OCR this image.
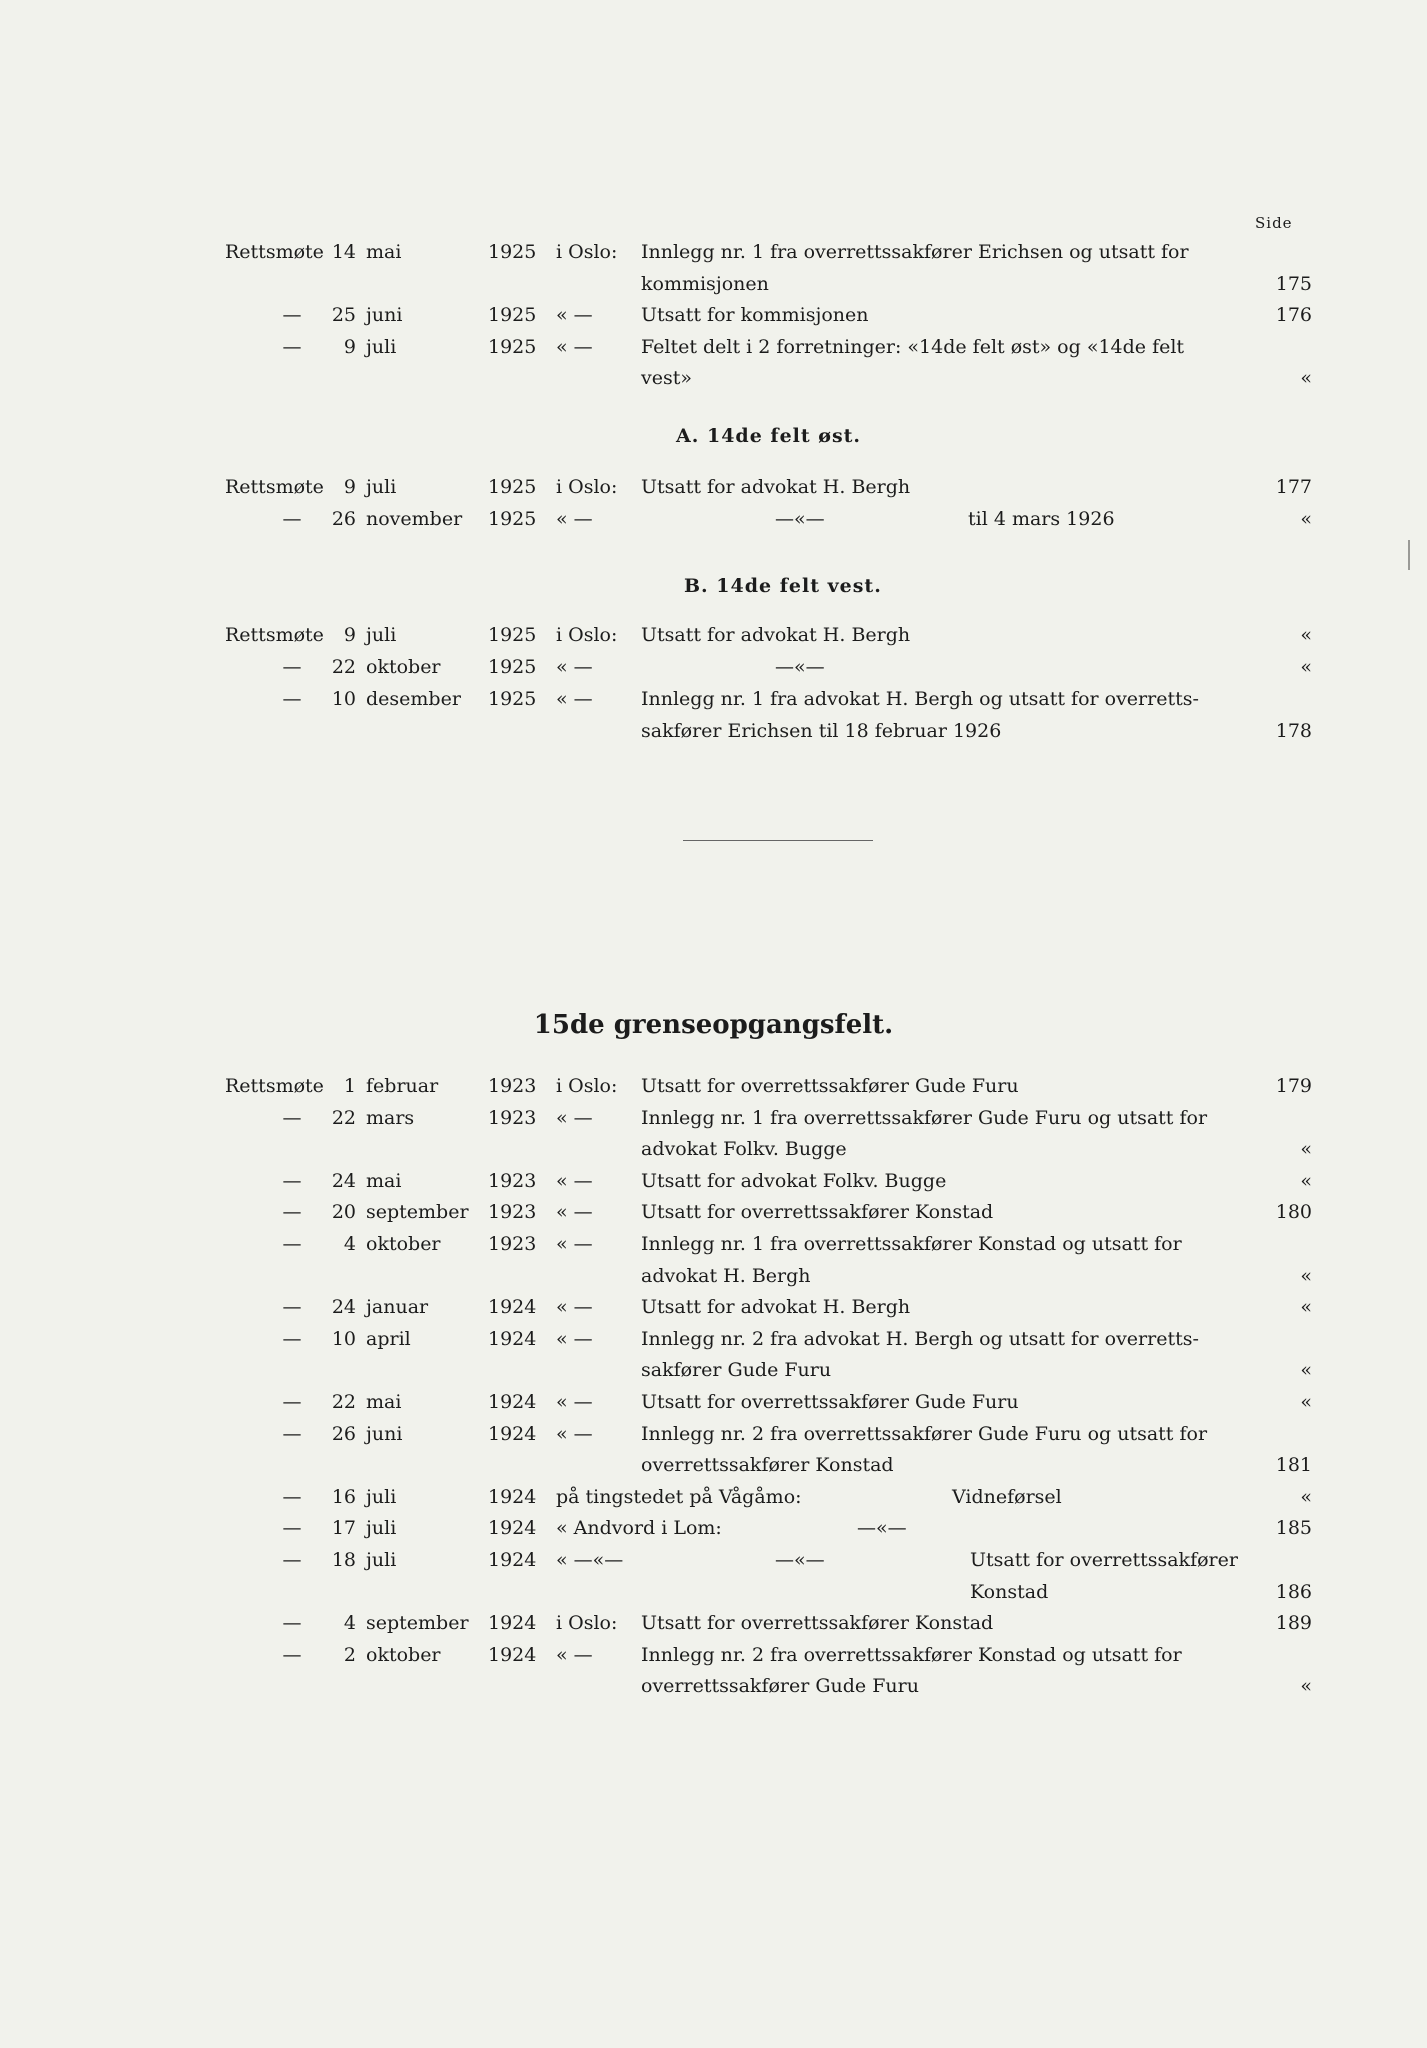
Side
Rettsmøte 14 mai	1925 i Oslo: Innlegg nr. 1 fra overrettssakfører Erichsen og utsatt for
kommisjonen	175
—	25 juni	1925 « —	Utsatt for kommisjonen	176
—	9 juli	1925 « —	Feltet delt i 2 forretninger: «14de felt øst» og «14de felt
vest»	«
A. 14de felt øst.
Rettsmøte	9 juli	1925 i Oslo: Utsatt for advokat H. Bergh	177
—	26 november 1925 « —	—«—	til 4 mars 1926	«
B. 14de felt vest.
Rettsmøte	9 juli	1925 i Oslo: Utsatt for advokat H. Bergh	«
—	22 oktober 1925 « —	—«—	«
—	10 desember 1925 « —	Innlegg nr. 1 fra advokat H. Bergh og utsatt for overretts-
sakfører Erichsen til 18 februar 1926	178
15de grenseopgangsfelt.
Rettsmøte	1 februar	1923 i Oslo: Utsatt for overrettssakfører Gude Furu	179
—	22 mars	1923 « —	Innlegg nr. 1 fra overrettssakfører Gude Furu og utsatt for
advokat Folkv. Bugge	«
—	24 mai	1923 « —	Utsatt for advokat Folkv. Bugge	«
—	20 september 1923 « —	Utsatt for overrettssakfører Konstad	180
—	4 oktober 1923 « —	Innlegg nr. 1 fra overrettssakfører Konstad og utsatt for
advokat H. Bergh	«
—	24 januar	1924 « —	Utsatt for advokat H. Bergh	«
—	10 april	1924 « —	Innlegg nr. 2 fra advokat H. Bergh og utsatt for overretts-
sakfører Gude Furu	«
—	22 mai	1924 « —	Utsatt for overrettssakfører Gude Furu	«
—	26 juni	1924 « —	Innlegg nr. 2 fra overrettssakfører Gude Furu og utsatt for
overrettssakfører Konstad	181
—	16 juli	1924 på tingstedet på Vågåmo:	Vidneførsel	«
—	17 juli	1924 « Andvord i Lom:	—«—	185
—	18 juli	1924 « —«—	—«—	Utsatt for overrettssakfører
Konstad	186
—	4 september 1924 i Oslo: Utsatt for overrettssakfører Konstad	189
—	2 oktober 1924 « —	Innlegg nr. 2 fra overrettssakfører Konstad og utsatt for
overrettssakfører Gude Furu	«
